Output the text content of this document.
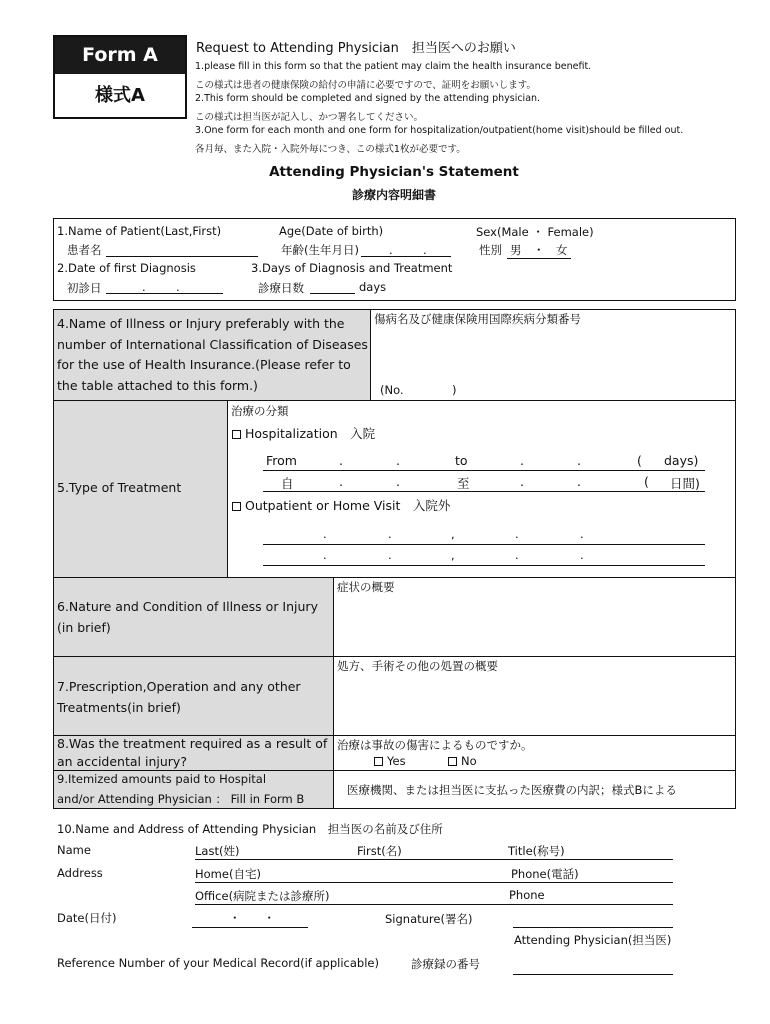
Form A
様式A
Request to Attending Physician　担当医へのお願い
1.please fill in this form so that the patient may claim the health insurance benefit.
この様式は患者の健康保険の給付の申請に必要ですので、証明をお願いします。
2.This form should be completed and signed by the attending physician.
この様式は担当医が記入し、かつ署名してください。
3.One form for each month and one form for hospitalization/outpatient(home visit)should be filled out.
各月毎、また入院・入院外毎につき、この様式1枚が必要です。
Attending Physician's Statement
診療内容明細書
1.Name of Patient(Last,First)
患者名
Age(Date of birth)
年齢(生年月日)	.	.
Sex(Male ・ Female)
性別 男　・　女
2.Date of first Diagnosis
初診日	.	.
3.Days of Diagnosis and Treatment
診療日数	days
4.Name of Illness or Injury preferably with the number of International Classification of Diseases for the use of Health Insurance.(Please refer to the table attached to this form.)
傷病名及び健康保険用国際疾病分類番号
(No.	)
5.Type of Treatment
治療の分類
Hospitalization　入院
From	.	.	to	.	.	( days)
自	.	.	至	.	.	( 日間)
Outpatient or Home Visit　入院外
.	.	,	.	.
.	.	,	.	.
6.Nature and Condition of Illness or Injury (in brief)
症状の概要
7.Prescription,Operation and any other Treatments(in brief)
処方、手術その他の処置の概要
8.Was the treatment required as a result of an accidental injury?
治療は事故の傷害によるものですか。
Yes	No
9.Itemized amounts paid to Hospital
and/or Attending Physician ： Fill in Form B
医療機関、または担当医に支払った医療費の内訳；様式Bによる
10.Name and Address of Attending Physician　担当医の名前及び住所
Name	Last(姓)	First(名)	Title(称号)
Address	Home(自宅)	Phone(電話)
Office(病院または診療所)	Phone
Date(日付)	・　　・	Signature(署名)
Attending Physician(担当医)
Reference Number of your Medical Record(if applicable)	診療録の番号
